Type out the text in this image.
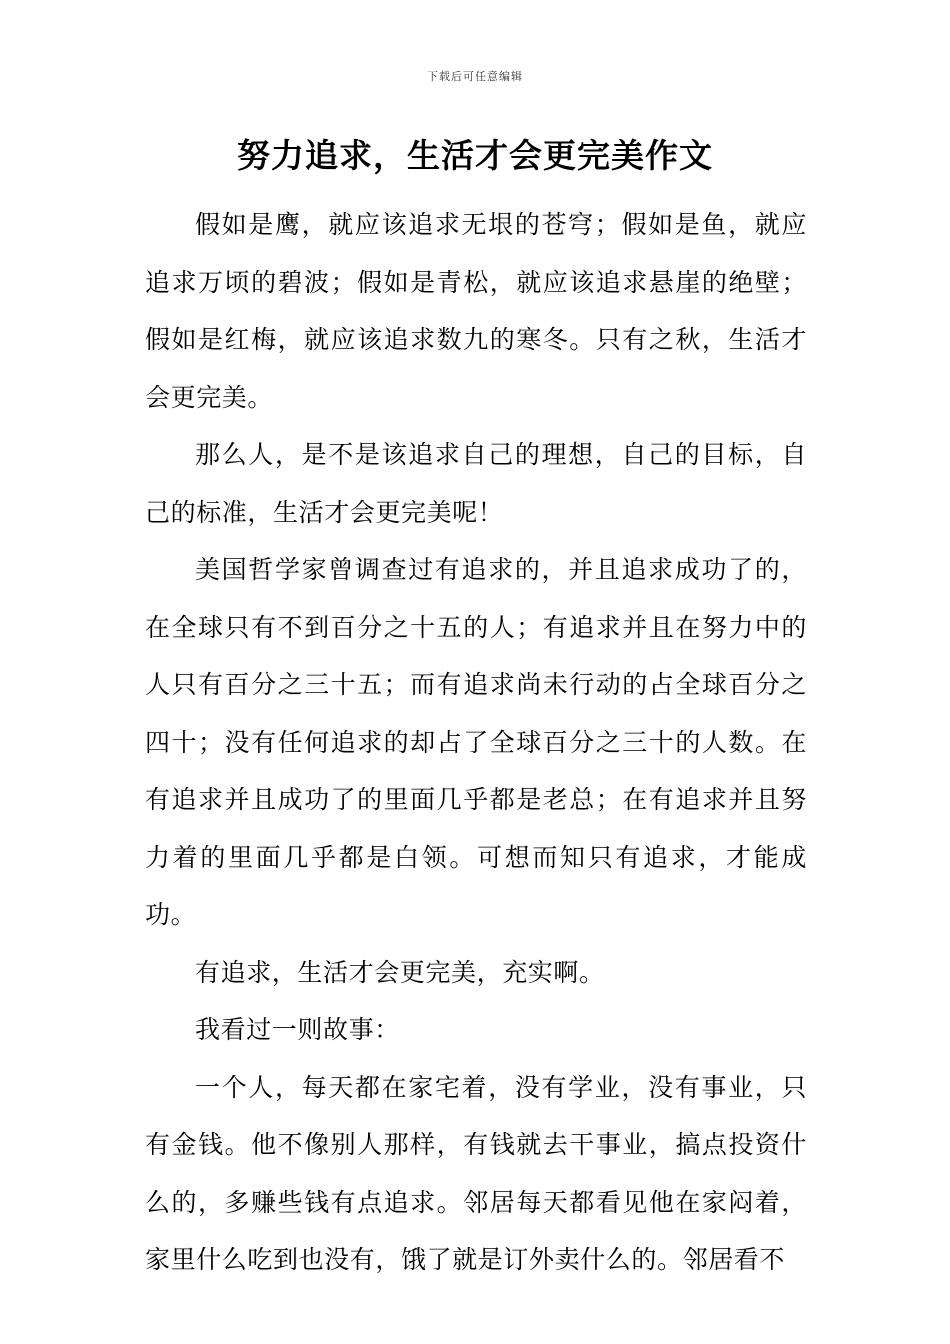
下载后可任意编辑
努力追求，生活才会更完美作文

假如是鹰，就应该追求无垠的苍穹；假如是鱼，就应追求万顷的碧波；假如是青松，就应该追求悬崖的绝壁；假如是红梅，就应该追求数九的寒冬。只有之秋，生活才会更完美。

那么人，是不是该追求自己的理想，自己的目标，自己的标准，生活才会更完美呢！

美国哲学家曾调查过有追求的，并且追求成功了的，在全球只有不到百分之十五的人；有追求并且在努力中的人只有百分之三十五；而有追求尚未行动的占全球百分之四十；没有任何追求的却占了全球百分之三十的人数。在有追求并且成功了的里面几乎都是老总；在有追求并且努力着的里面几乎都是白领。可想而知只有追求，才能成功。

有追求，生活才会更完美，充实啊。

我看过一则故事：

一个人，每天都在家宅着，没有学业，没有事业，只有金钱。他不像别人那样，有钱就去干事业，搞点投资什么的，多赚些钱有点追求。邻居每天都看见他在家闷着，家里什么吃到也没有，饿了就是订外卖什么的。邻居看不
